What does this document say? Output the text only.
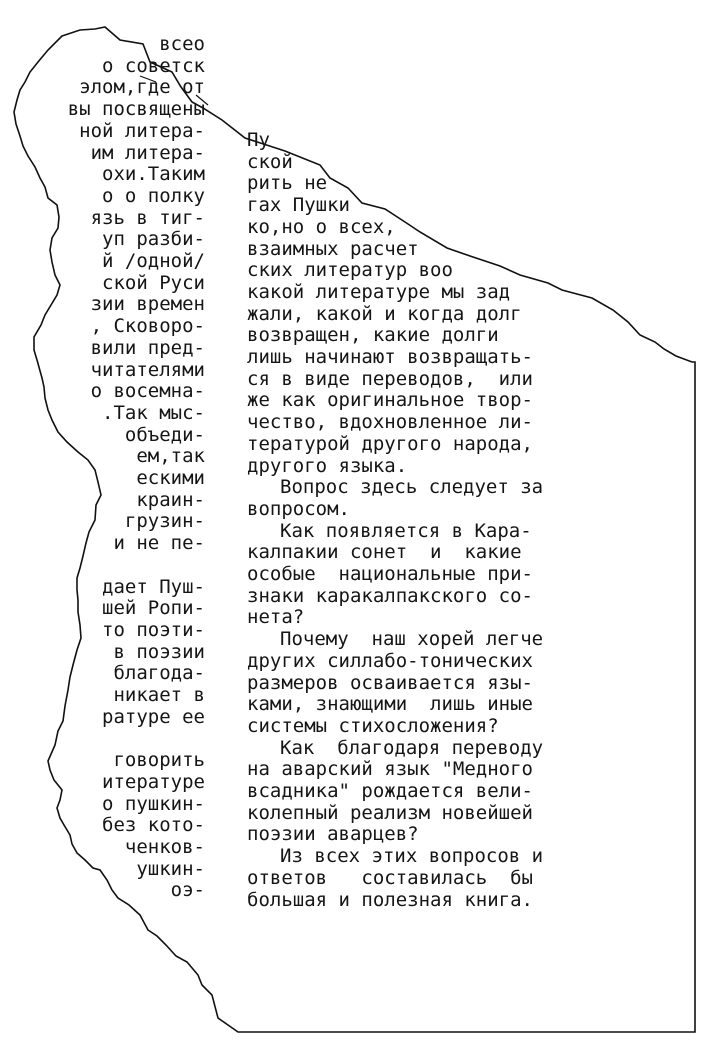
всео
о советск
элом,где от
вы посвящены
ной литера-
им литера-
охи.Таким
о о полку
язь в тиг-
уп разби-
й /одной/
ской Руси
зии времен
, Сковоро-
вили пред-
читателями
о восемна-
.Так мыс-
объеди-
ем,так
ескими
краин-
грузин-
и не пе-
дает Пуш-
шей Рoпи-
то поэти-
в поэзии
благода-
никает в
ратуре ее
говорить
итературе
о пушкин-
без кото-
ченков-
ушкин-
оэ-
Пу
ской
рить не
гах Пушки
ко,но о всех,
взаимных расчет
ских литератур воо
какой литературе мы зад
жали, какой и когда долг
возвращен, какие долги
лишь начинают возвращать-
ся в виде переводов,  или
же как оригинальное твор-
чество, вдохновленное ли-
тературой другого народа,
другого языка.
Вопрос здесь следует за
вопросом.
Как появляется в Кара-
калпакии сонет  и  какие
особые  национальные при-
знаки каракалпакского со-
нета?
Почему  наш хорей легче
других силлабо-тонических
размеров осваивается язы-
ками, знающими  лишь иные
системы стихосложения?
Как  благодаря переводу
на аварский язык "Медного
всадника" рождается вели-
колепный реализм новейшей
поэзии аварцев?
Из всех этих вопросов и
ответов   составилась  бы
большая и полезная книга.
